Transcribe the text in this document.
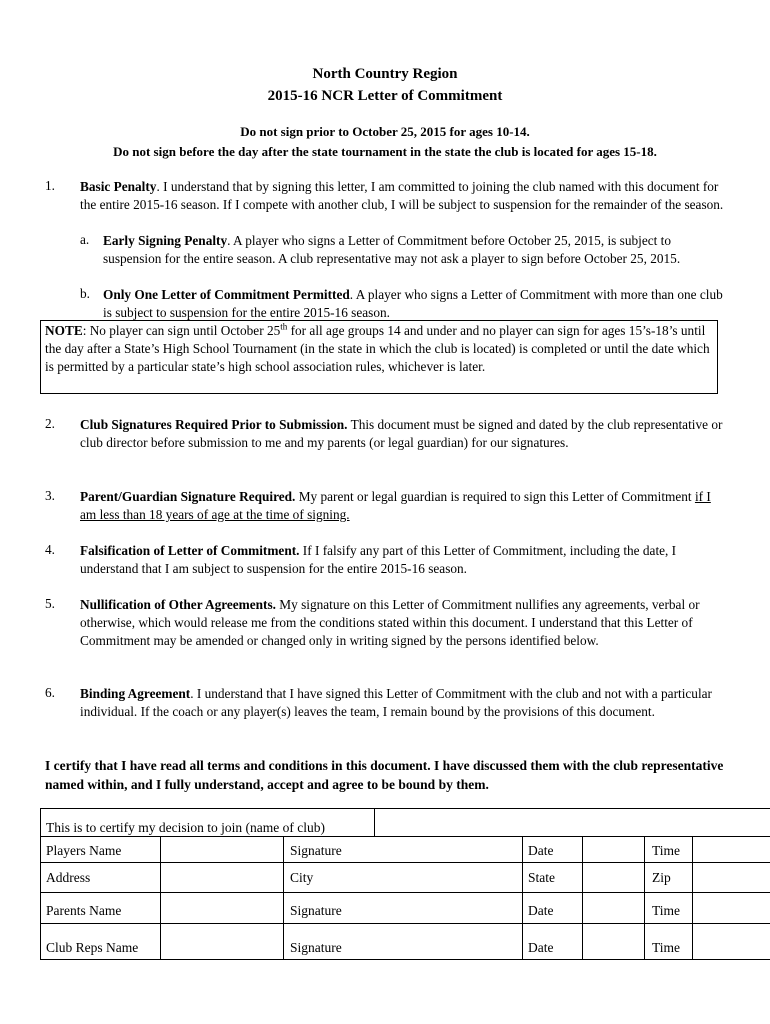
North Country Region
2015-16 NCR Letter of Commitment
Do not sign prior to October 25, 2015 for ages 10-14.
Do not sign before the day after the state tournament in the state the club is located for ages 15-18.
1. Basic Penalty. I understand that by signing this letter, I am committed to joining the club named with this document for the entire 2015-16 season. If I compete with another club, I will be subject to suspension for the remainder of the season.
a. Early Signing Penalty. A player who signs a Letter of Commitment before October 25, 2015, is subject to suspension for the entire season. A club representative may not ask a player to sign before October 25, 2015.
b. Only One Letter of Commitment Permitted. A player who signs a Letter of Commitment with more than one club is subject to suspension for the entire 2015-16 season.
NOTE: No player can sign until October 25th for all age groups 14 and under and no player can sign for ages 15’s-18’s until the day after a State’s High School Tournament (in the state in which the club is located) is completed or until the date which is permitted by a particular state’s high school association rules, whichever is later.
2. Club Signatures Required Prior to Submission. This document must be signed and dated by the club representative or club director before submission to me and my parents (or legal guardian) for our signatures.
3. Parent/Guardian Signature Required. My parent or legal guardian is required to sign this Letter of Commitment if I am less than 18 years of age at the time of signing.
4. Falsification of Letter of Commitment. If I falsify any part of this Letter of Commitment, including the date, I understand that I am subject to suspension for the entire 2015-16 season.
5. Nullification of Other Agreements. My signature on this Letter of Commitment nullifies any agreements, verbal or otherwise, which would release me from the conditions stated within this document. I understand that this Letter of Commitment may be amended or changed only in writing signed by the persons identified below.
6. Binding Agreement. I understand that I have signed this Letter of Commitment with the club and not with a particular individual. If the coach or any player(s) leaves the team, I remain bound by the provisions of this document.
I certify that I have read all terms and conditions in this document. I have discussed them with the club representative named within, and I fully understand, accept and agree to be bound by them.
This is to certify my decision to join (name of club)
Players Name	Signature	Date	Time
Address	City	State	Zip
Parents Name	Signature	Date	Time
Club Reps Name	Signature	Date	Time
